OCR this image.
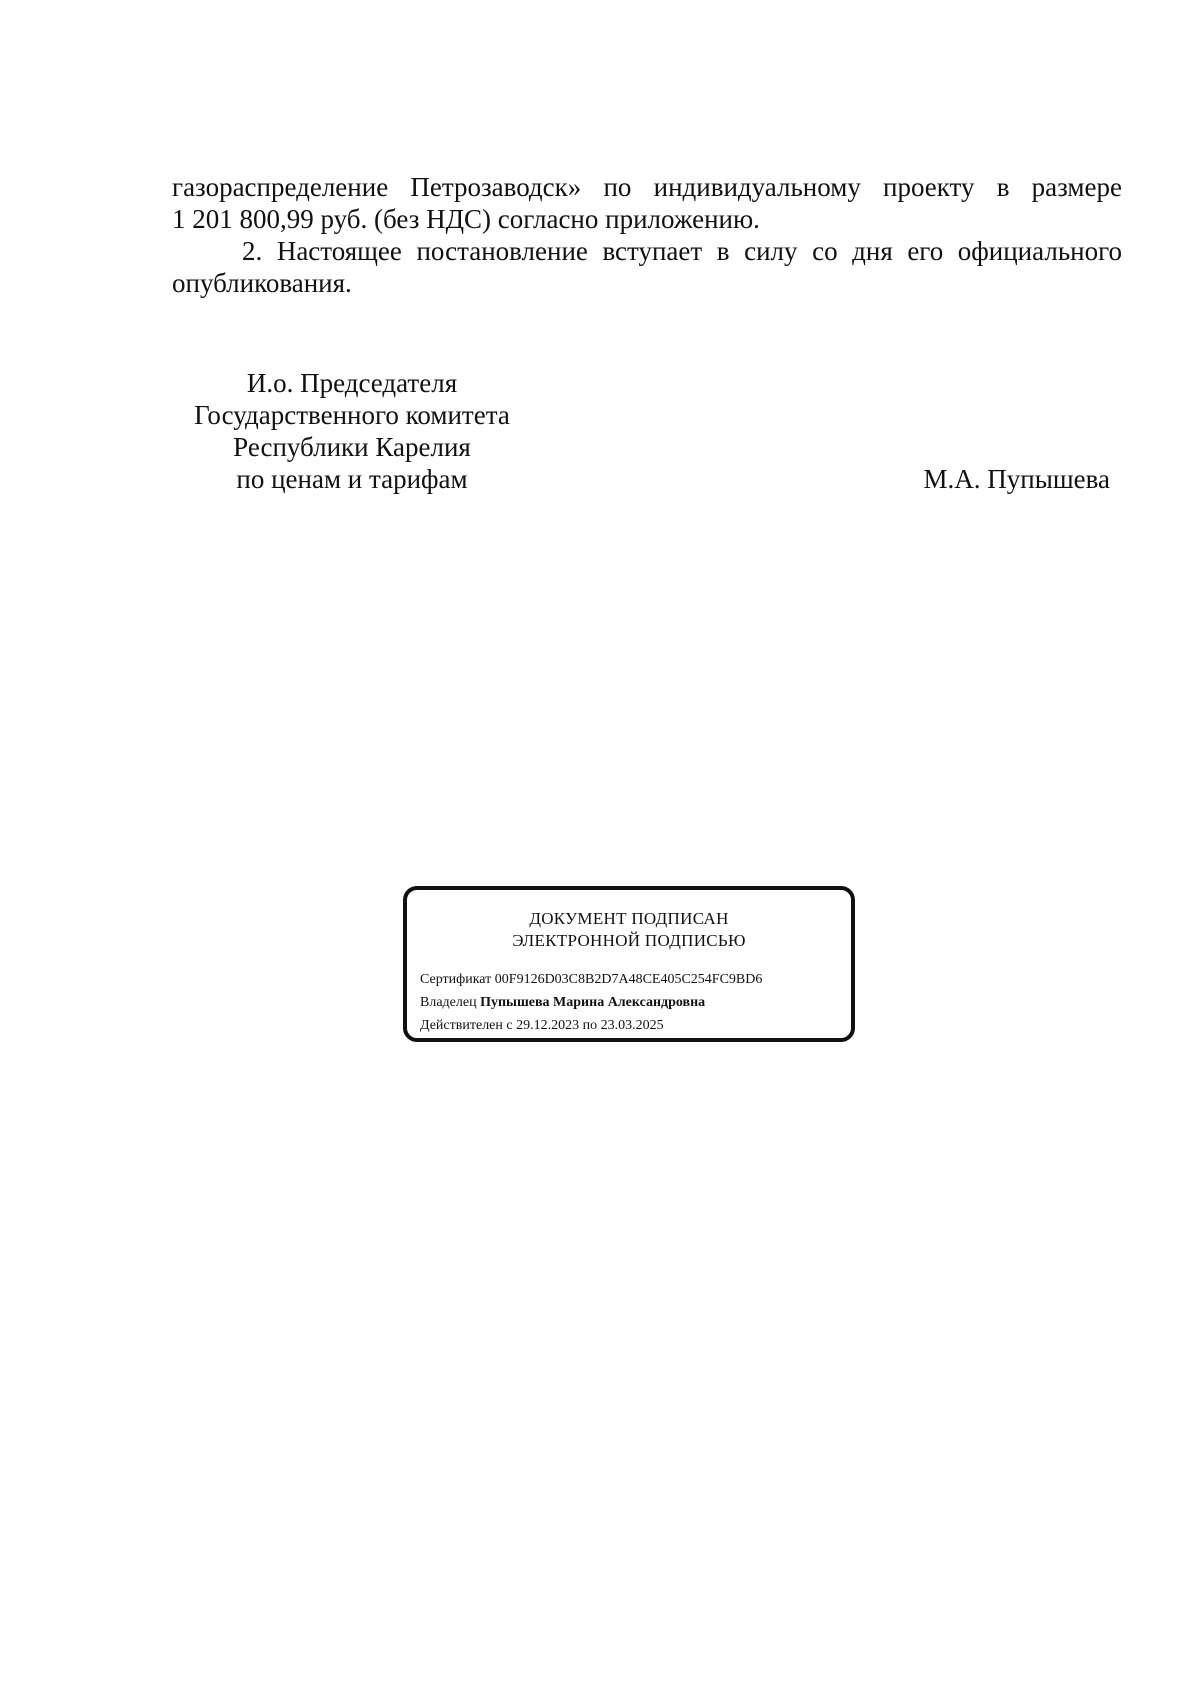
газораспределение Петрозаводск» по индивидуальному проекту в размере

1 201 800,99 руб. (без НДС) согласно приложению.

2. Настоящее постановление вступает в силу со дня его официального опубликования.

И.о. Председателя
Государственного комитета
Республики Карелия
по ценам и тарифам	М.А. Пупышева
ДОКУМЕНТ ПОДПИСАН
ЭЛЕКТРОННОЙ ПОДПИСЬЮ
Сертификат 00F9126D03C8B2D7A48CE405C254FC9BD6
Владелец Пупышева Марина Александровна
Действителен с 29.12.2023 по 23.03.2025
